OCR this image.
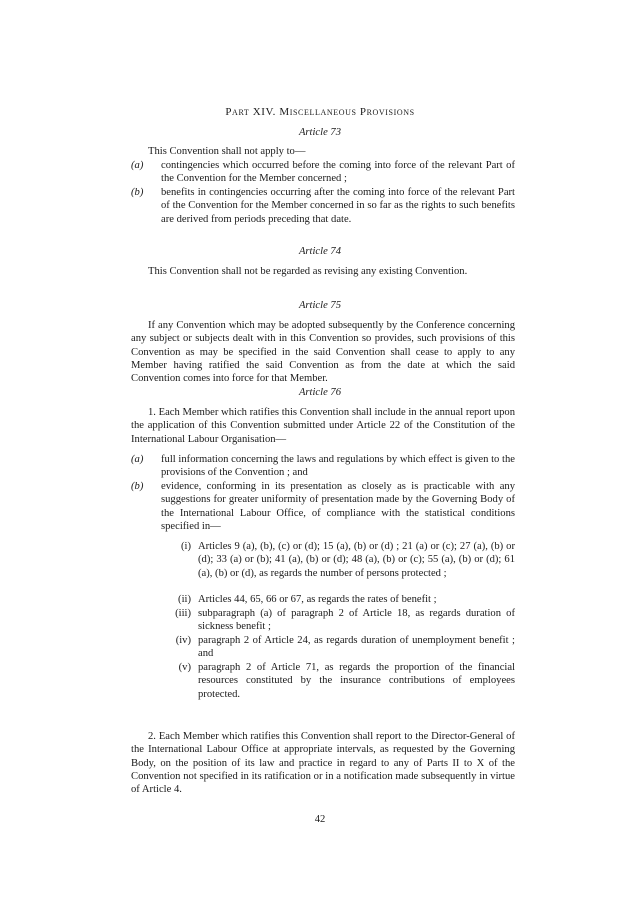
Part XIV. Miscellaneous Provisions
Article 73
This Convention shall not apply to—
(a) contingencies which occurred before the coming into force of the relevant Part of the Convention for the Member concerned ;
(b) benefits in contingencies occurring after the coming into force of the relevant Part of the Convention for the Member concerned in so far as the rights to such benefits are derived from periods preceding that date.
Article 74
This Convention shall not be regarded as revising any existing Convention.
Article 75
If any Convention which may be adopted subsequently by the Conference concerning any subject or subjects dealt with in this Convention so provides, such provisions of this Convention as may be specified in the said Convention shall cease to apply to any Member having ratified the said Convention as from the date at which the said Convention comes into force for that Member.
Article 76
1. Each Member which ratifies this Convention shall include in the annual report upon the application of this Convention submitted under Article 22 of the Constitution of the International Labour Organisation—
(a) full information concerning the laws and regulations by which effect is given to the provisions of the Convention ; and
(b) evidence, conforming in its presentation as closely as is practicable with any suggestions for greater uniformity of presentation made by the Governing Body of the International Labour Office, of compliance with the statistical conditions specified in—
(i) Articles 9 (a), (b), (c) or (d); 15 (a), (b) or (d) ; 21 (a) or (c); 27 (a), (b) or (d); 33 (a) or (b); 41 (a), (b) or (d); 48 (a), (b) or (c); 55 (a), (b) or (d); 61 (a), (b) or (d), as regards the number of persons protected ;
(ii) Articles 44, 65, 66 or 67, as regards the rates of benefit ;
(iii) subparagraph (a) of paragraph 2 of Article 18, as regards duration of sickness benefit ;
(iv) paragraph 2 of Article 24, as regards duration of unemployment benefit ; and
(v) paragraph 2 of Article 71, as regards the proportion of the financial resources constituted by the insurance contributions of employees protected.
2. Each Member which ratifies this Convention shall report to the Director-General of the International Labour Office at appropriate intervals, as requested by the Governing Body, on the position of its law and practice in regard to any of Parts II to X of the Convention not specified in its ratification or in a notification made subsequently in virtue of Article 4.
42
